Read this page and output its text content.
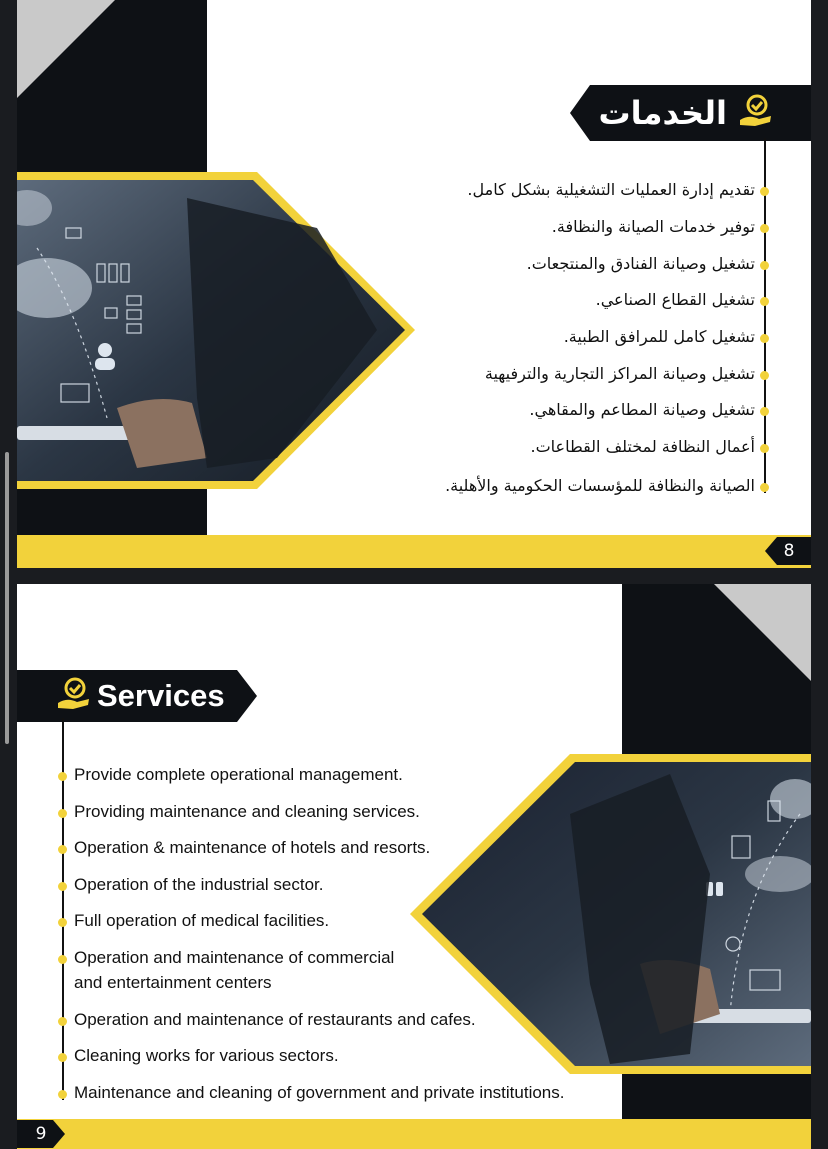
الخدمات
تقديم إدارة العمليات التشغيلية بشكل كامل.
توفير خدمات الصيانة والنظافة.
تشغيل وصيانة الفنادق والمنتجعات.
تشغيل القطاع الصناعي.
تشغيل كامل للمرافق الطبية.
تشغيل وصيانة المراكز التجارية والترفيهية
تشغيل وصيانة المطاعم والمقاهي.
أعمال النظافة لمختلف القطاعات.
الصيانة والنظافة للمؤسسات الحكومية والأهلية.
8
Services
Provide complete operational management.
Providing maintenance and cleaning services.
Operation & maintenance of hotels and resorts.
Operation of the industrial sector.
Full operation of medical facilities.
Operation and maintenance of commercial
and entertainment centers
Operation and maintenance of restaurants and cafes.
Cleaning works for various sectors.
Maintenance and cleaning of government and private institutions.
9
